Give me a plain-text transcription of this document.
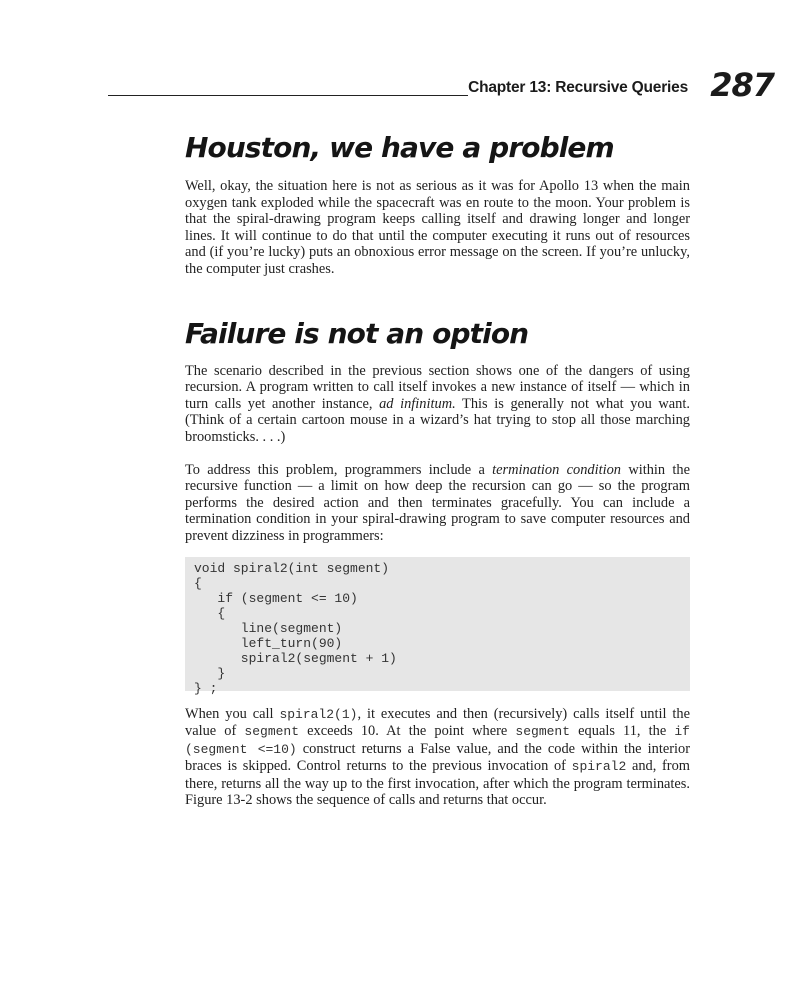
Chapter 13: Recursive Queries 287
Houston, we have a problem

Well, okay, the situation here is not as serious as it was for Apollo 13 when the main oxygen tank exploded while the spacecraft was en route to the moon. Your problem is that the spiral-drawing program keeps calling itself and drawing longer and longer lines. It will continue to do that until the computer executing it runs out of resources and (if you’re lucky) puts an obnoxious error message on the screen. If you’re unlucky, the computer just crashes.

Failure is not an option

The scenario described in the previous section shows one of the dangers of using recursion. A program written to call itself invokes a new instance of itself — which in turn calls yet another instance, ad infinitum. This is generally not what you want. (Think of a certain cartoon mouse in a wizard’s hat trying to stop all those marching broomsticks. . . .)

To address this problem, programmers include a termination condition within the recursive function — a limit on how deep the recursion can go — so the program performs the desired action and then terminates gracefully. You can include a termination condition in your spiral-drawing program to save computer resources and prevent dizziness in programmers:

void spiral2(int segment)
{
if (segment <= 10)
{
line(segment)
left_turn(90)
spiral2(segment + 1)
}
} ;

When you call spiral2(1), it executes and then (recursively) calls itself until the value of segment exceeds 10. At the point where segment equals 11, the if (segment <=10) construct returns a False value, and the code within the interior braces is skipped. Control returns to the previous invocation of spiral2 and, from there, returns all the way up to the first invocation, after which the program terminates. Figure 13-2 shows the sequence of calls and returns that occur.
